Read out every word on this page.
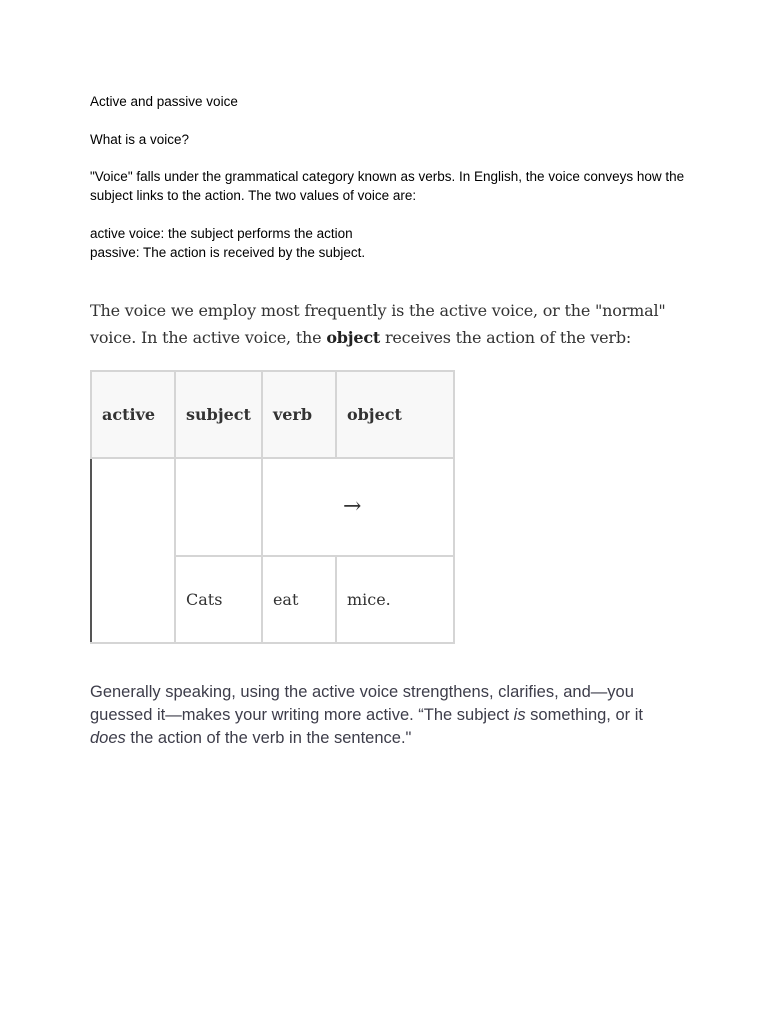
Active and passive voice
What is a voice?
"Voice" falls under the grammatical category known as verbs. In English, the voice conveys how the subject links to the action. The two values of voice are:
active voice: the subject performs the action
passive: The action is received by the subject.

The voice we employ most frequently is the active voice, or the "normal" voice. In the active voice, the object receives the action of the verb:

active	subject	verb	object
		→	
	Cats	eat	mice.

Generally speaking, using the active voice strengthens, clarifies, and—you guessed it—makes your writing more active. “The subject is something, or it does the action of the verb in the sentence."
